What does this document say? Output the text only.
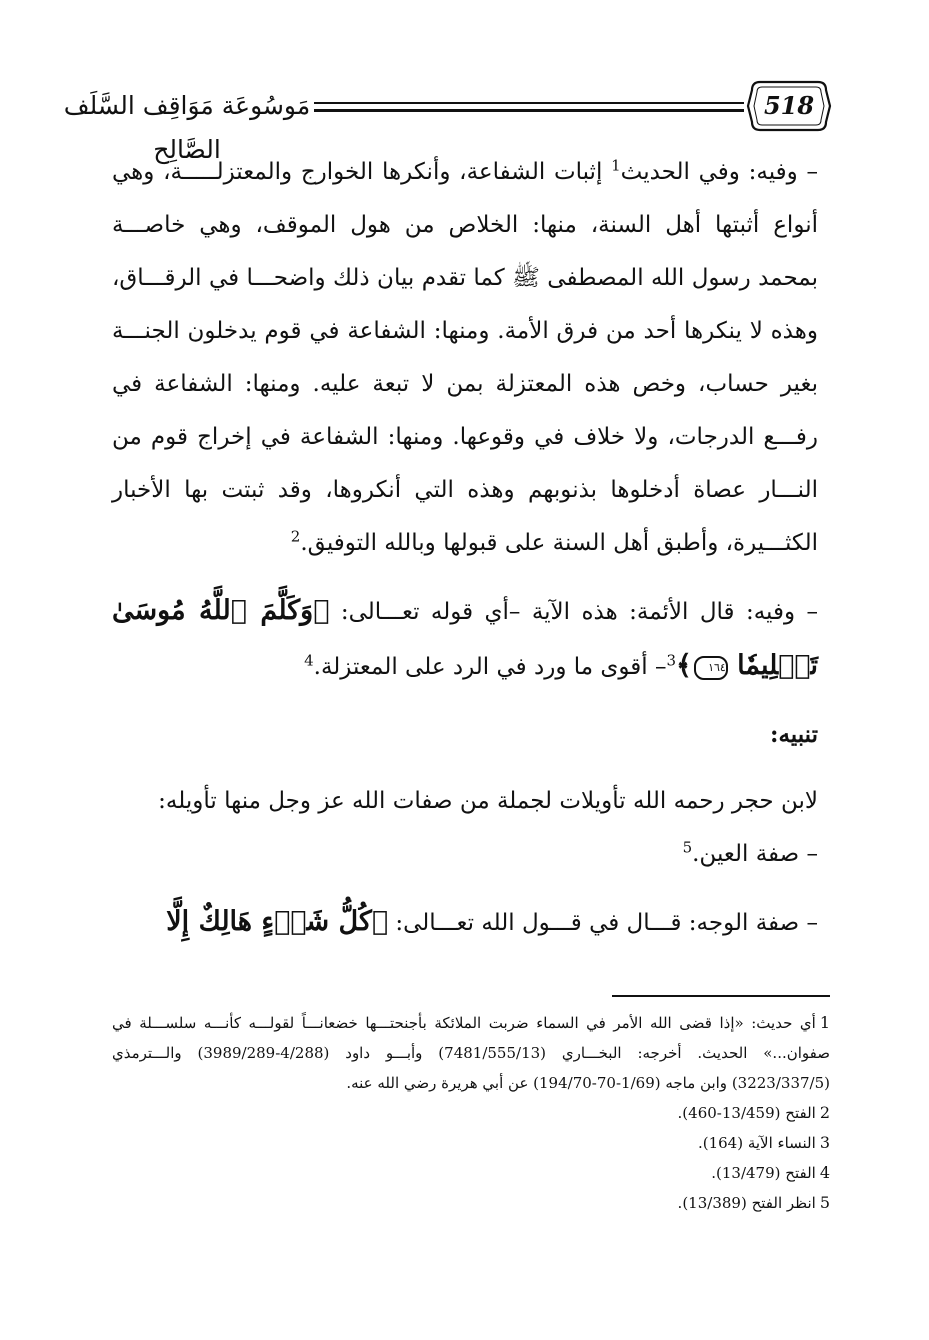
مَوسُوعَة مَوَاقِف السَّلَف الصَّالِح
518

– وفيه: وفي الحديث$^1$ إثبات الشفاعة، وأنكرها الخوارج والمعتزلـــــة، وهي أنواع أثبتها أهل السنة، منها: الخلاص من هول الموقف، وهي خاصـــة بمحمد رسول الله المصطفى ﷺ كما تقدم بيان ذلك واضحـــا في الرقـــاق، وهذه لا ينكرها أحد من فرق الأمة. ومنها: الشفاعة في قوم يدخلون الجنـــة بغير حساب، وخص هذه المعتزلة بمن لا تبعة عليه. ومنها: الشفاعة في رفـــع الدرجات، ولا خلاف في وقوعها. ومنها: الشفاعة في إخراج قوم من النـــار عصاة أدخلوها بذنوبهم وهذه التي أنكروها، وقد ثبتت بها الأخبار الكثـــيرة، وأطبق أهل السنة على قبولها وبالله التوفيق.$^2$

– وفيه: قال الأئمة: هذه الآية –أي قوله تعـــالى: ﴿وَكَلَّمَ ٱللَّهُ مُوسَىٰ تَكۡلِيمٗا ١٦٤﴾$^3$– أقوى ما ورد في الرد على المعتزلة.$^4$

تنبيه:

لابن حجر رحمه الله تأويلات لجملة من صفات الله عز وجل منها تأويله:

– صفة العين.$^5$

– صفة الوجه: قـــال في قـــول الله تعـــالى: ﴿كُلُّ شَيۡءٍ هَالِكٌ إِلَّا

1أي حديث: «إذا قضى الله الأمر في السماء ضربت الملائكة بأجنحتـــها خضعانـــاً لقولـــه كأنـــه سلســـلة في صفوان...» الحديث. أخرجه: البخـــاري (7481/555/13) وأبـــو داود (4/288-3989/289) والـــترمذي (3223/337/5) وابن ماجه (1/69-70-194/70) عن أبي هريرة رضي الله عنه.

2الفتح (13/459-460).

3النساء الآية (164).

4الفتح (13/479).

5انظر الفتح (13/389).
